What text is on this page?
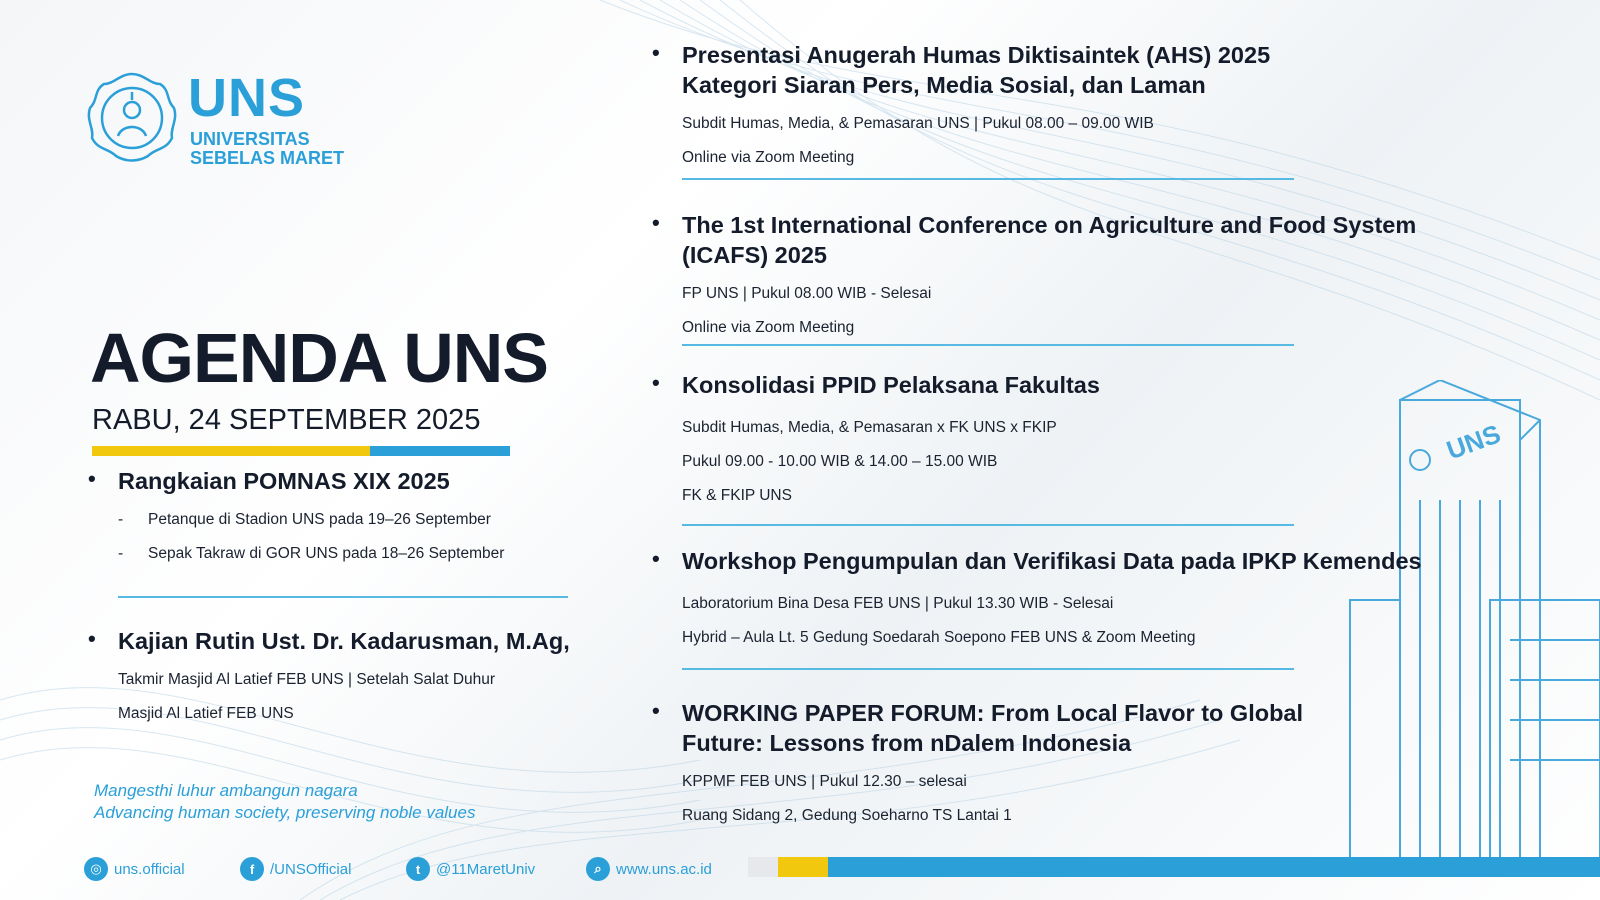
UNS
UNS
UNIVERSITAS
SEBELAS MARET
AGENDA UNS
RABU, 24 SEPTEMBER 2025
• Rangkaian POMNAS XIX 2025
- Petanque di Stadion UNS pada 19–26 September
- Sepak Takraw di GOR UNS pada 18–26 September
• Kajian Rutin Ust. Dr. Kadarusman, M.Ag,
Takmir Masjid Al Latief FEB UNS | Setelah Salat Duhur
Masjid Al Latief FEB UNS
Mangesthi luhur ambangun nagara
Advancing human society, preserving noble values
• Presentasi Anugerah Humas Diktisaintek (AHS) 2025
Kategori Siaran Pers, Media Sosial, dan Laman
Subdit Humas, Media, & Pemasaran UNS | Pukul 08.00 – 09.00 WIB
Online via Zoom Meeting
• The 1st International Conference on Agriculture and Food System
(ICAFS) 2025
FP UNS | Pukul 08.00 WIB - Selesai
Online via Zoom Meeting
• Konsolidasi PPID Pelaksana Fakultas
Subdit Humas, Media, & Pemasaran x FK UNS x FKIP
Pukul 09.00 - 10.00 WIB & 14.00 – 15.00 WIB
FK & FKIP UNS
• Workshop Pengumpulan dan Verifikasi Data pada IPKP Kemendes
Laboratorium Bina Desa FEB UNS | Pukul 13.30 WIB - Selesai
Hybrid – Aula Lt. 5 Gedung Soedarah Soepono FEB UNS & Zoom Meeting
• WORKING PAPER FORUM: From Local Flavor to Global
Future: Lessons from nDalem Indonesia
KPPMF FEB UNS | Pukul 12.30 – selesai
Ruang Sidang 2, Gedung Soeharno TS Lantai 1
◎ uns.official	f	/UNSOfficial	t	@11MaretUniv	⌕ www.uns.ac.id
